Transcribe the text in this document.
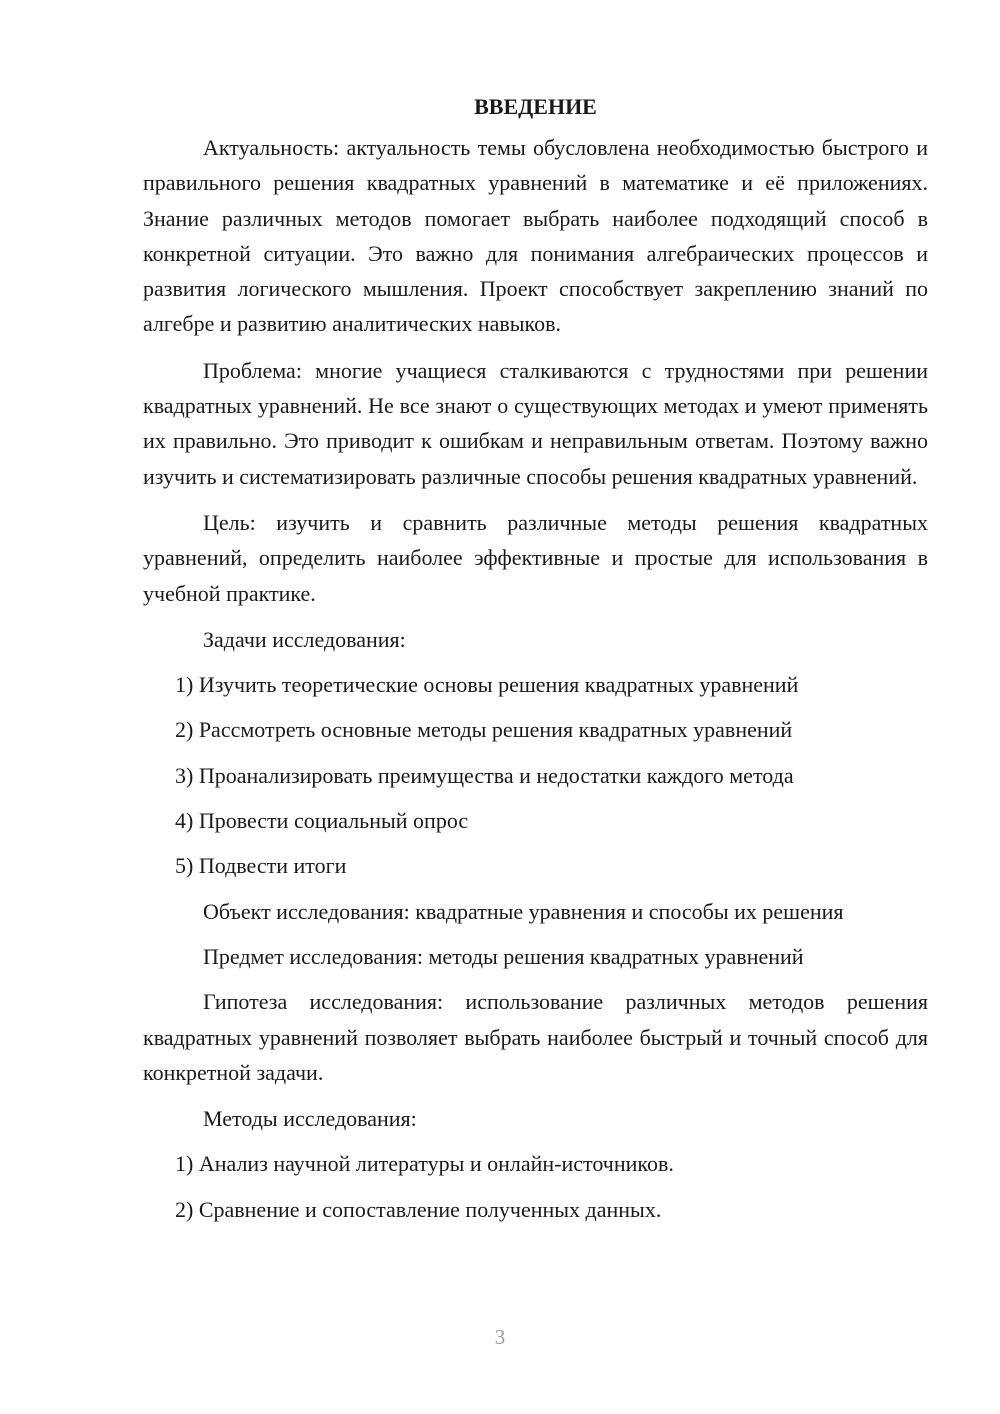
ВВЕДЕНИЕ

Актуальность: актуальность темы обусловлена необходимостью быстрого и правильного решения квадратных уравнений в математике и её приложениях. Знание различных методов помогает выбрать наиболее подходящий способ в конкретной ситуации. Это важно для понимания алгебраических процессов и развития логического мышления. Проект способствует закреплению знаний по алгебре и развитию аналитических навыков.

Проблема: многие учащиеся сталкиваются с трудностями при решении квадратных уравнений. Не все знают о существующих методах и умеют применять их правильно. Это приводит к ошибкам и неправильным ответам. Поэтому важно изучить и систематизировать различные способы решения квадратных уравнений.

Цель: изучить и сравнить различные методы решения квадратных уравнений, определить наиболее эффективные и простые для использования в учебной практике.

Задачи исследования:

1) Изучить теоретические основы решения квадратных уравнений

2) Рассмотреть основные методы решения квадратных уравнений

3) Проанализировать преимущества и недостатки каждого метода

4) Провести социальный опрос

5) Подвести итоги

Объект исследования: квадратные уравнения и способы их решения

Предмет исследования: методы решения квадратных уравнений

Гипотеза исследования: использование различных методов решения квадратных уравнений позволяет выбрать наиболее быстрый и точный способ для конкретной задачи.

Методы исследования:

1) Анализ научной литературы и онлайн-источников.

2) Сравнение и сопоставление полученных данных.

3
